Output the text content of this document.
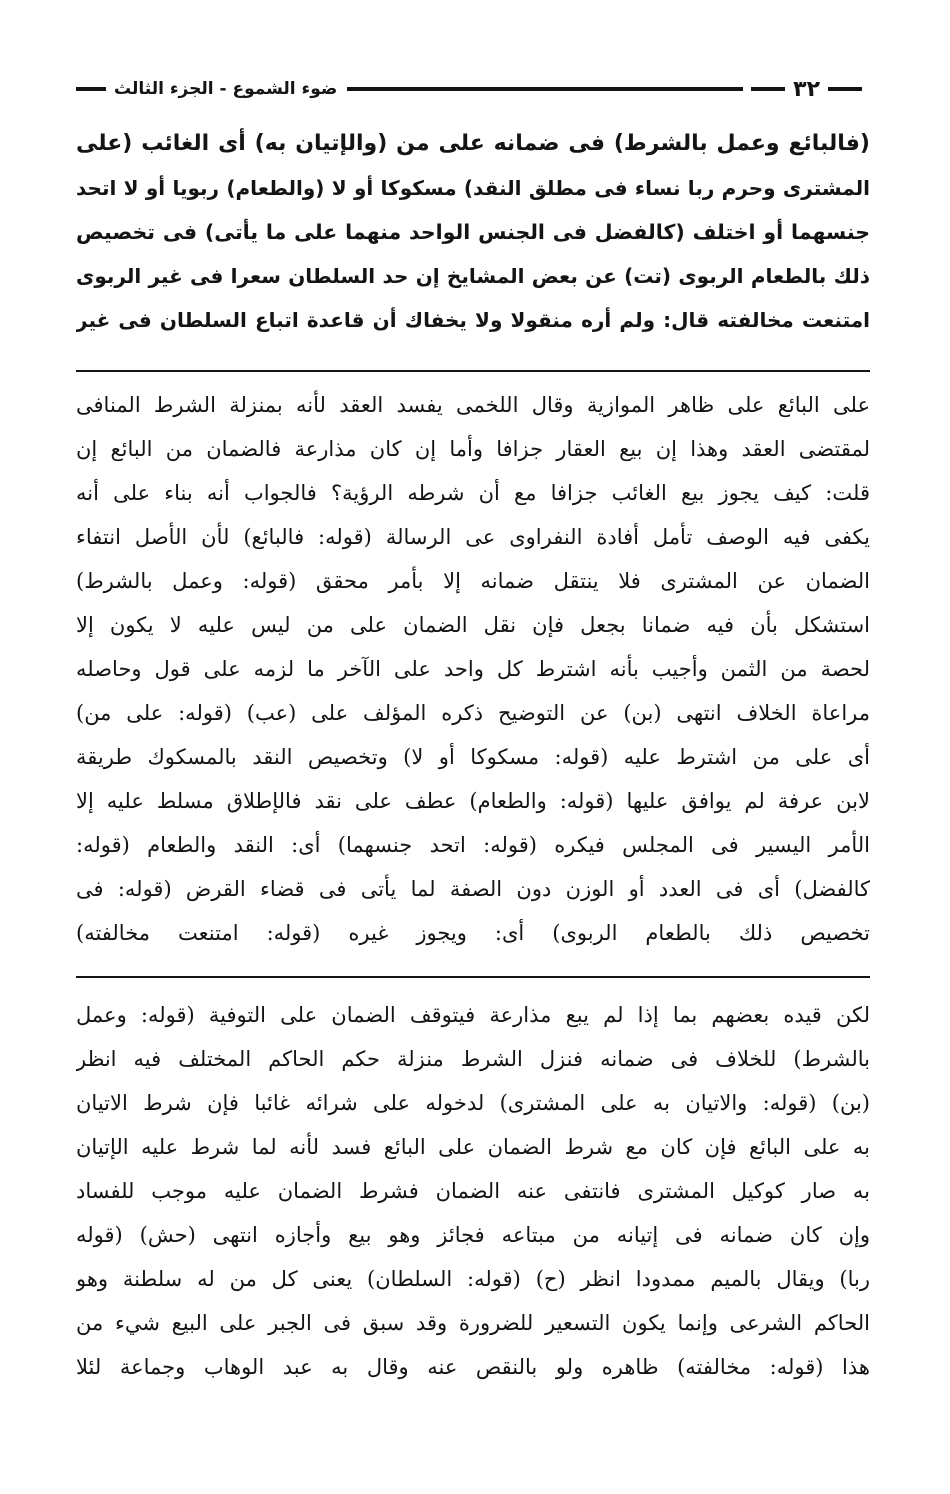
٣٢
ضوء الشموع - الجزء الثالث
(فالبائع وعمل بالشرط) فى ضمانه على من (والإتيان به) أى الغائب (على
المشترى وحرم ربا نساء فى مطلق النقد) مسكوكا أو لا (والطعام) ربويا أو لا اتحد
جنسهما أو اختلف (كالفضل فى الجنس الواحد منهما على ما يأتى) فى تخصيص
ذلك بالطعام الربوى (تت) عن بعض المشايخ إن حد السلطان سعرا فى غير الربوى
امتنعت مخالفته قال: ولم أره منقولا ولا يخفاك أن قاعدة اتباع السلطان فى غير
على البائع على ظاهر الموازية وقال اللخمى يفسد العقد لأنه بمنزلة الشرط المنافى
لمقتضى العقد وهذا إن بيع العقار جزافا وأما إن كان مذارعة فالضمان من البائع إن
قلت: كيف يجوز بيع الغائب جزافا مع أن شرطه الرؤية؟ فالجواب أنه بناء على أنه
يكفى فيه الوصف تأمل أفادة النفراوى عى الرسالة (قوله: فالبائع) لأن الأصل انتفاء
الضمان عن المشترى فلا ينتقل ضمانه إلا بأمر محقق (قوله: وعمل بالشرط)
استشكل بأن فيه ضمانا بجعل فإن نقل الضمان على من ليس عليه لا يكون إلا
لحصة من الثمن وأجيب بأنه اشترط كل واحد على الآخر ما لزمه على قول وحاصله
مراعاة الخلاف انتهى (بن) عن التوضيح ذكره المؤلف على (عب) (قوله: على من)
أى على من اشترط عليه (قوله: مسكوكا أو لا) وتخصيص النقد بالمسكوك طريقة
لابن عرفة لم يوافق عليها (قوله: والطعام) عطف على نقد فالإطلاق مسلط عليه إلا
الأمر اليسير فى المجلس فيكره (قوله: اتحد جنسهما) أى: النقد والطعام (قوله:
كالفضل) أى فى العدد أو الوزن دون الصفة لما يأتى فى قضاء القرض (قوله: فى
تخصيص ذلك بالطعام الربوى) أى: ويجوز غيره (قوله: امتنعت مخالفته)
لكن قيده بعضهم بما إذا لم يبع مذارعة فيتوقف الضمان على التوفية (قوله: وعمل
بالشرط) للخلاف فى ضمانه فنزل الشرط منزلة حكم الحاكم المختلف فيه انظر
(بن) (قوله: والاتيان به على المشترى) لدخوله على شرائه غائبا فإن شرط الاتيان
به على البائع فإن كان مع شرط الضمان على البائع فسد لأنه لما شرط عليه الإتيان
به صار كوكيل المشترى فانتفى عنه الضمان فشرط الضمان عليه موجب للفساد
وإن كان ضمانه فى إتيانه من مبتاعه فجائز وهو بيع وأجازه انتهى (حش) (قوله
ربا) ويقال بالميم ممدودا انظر (ح) (قوله: السلطان) يعنى كل من له سلطنة وهو
الحاكم الشرعى وإنما يكون التسعير للضرورة وقد سبق فى الجبر على البيع شيء من
هذا (قوله: مخالفته) ظاهره ولو بالنقص عنه وقال به عبد الوهاب وجماعة لئلا
